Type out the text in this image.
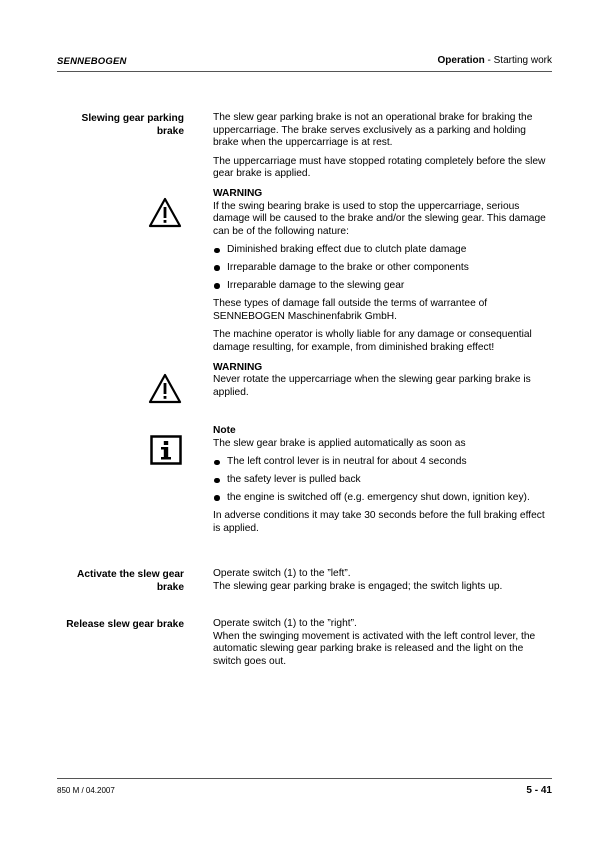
SENNEBOGEN	Operation - Starting work
Slewing gear parking
brake

The slew gear parking brake is not an operational brake for braking the uppercarriage. The brake serves exclusively as a parking and holding brake when the uppercarriage is at rest.

The uppercarriage must have stopped rotating completely before the slew gear brake is applied.

WARNING

If the swing bearing brake is used to stop the uppercarriage, serious damage will be caused to the brake and/or the slewing gear. This damage can be of the following nature:

Diminished braking effect due to clutch plate damage
Irreparable damage to the brake or other components
Irreparable damage to the slewing gear

These types of damage fall outside the terms of warrantee of SENNEBOGEN Maschinenfabrik GmbH.

The machine operator is wholly liable for any damage or consequential damage resulting, for example, from diminished braking effect!

WARNING

Never rotate the uppercarriage when the slewing gear parking brake is applied.

Note

The slew gear brake is applied automatically as soon as

The left control lever is in neutral for about 4 seconds
the safety lever is pulled back
the engine is switched off (e.g. emergency shut down, ignition key).

In adverse conditions it may take 30 seconds before the full braking effect is applied.

Activate the slew gear
brake
Operate switch (1) to the ”left”.
The slewing gear parking brake is engaged; the switch lights up.
Release slew gear brake	Operate switch (1) to the ”right”.
When the swinging movement is activated with the left control lever, the automatic slewing gear parking brake is released and the light on the switch goes out.
850 M / 04.2007	5 - 41
